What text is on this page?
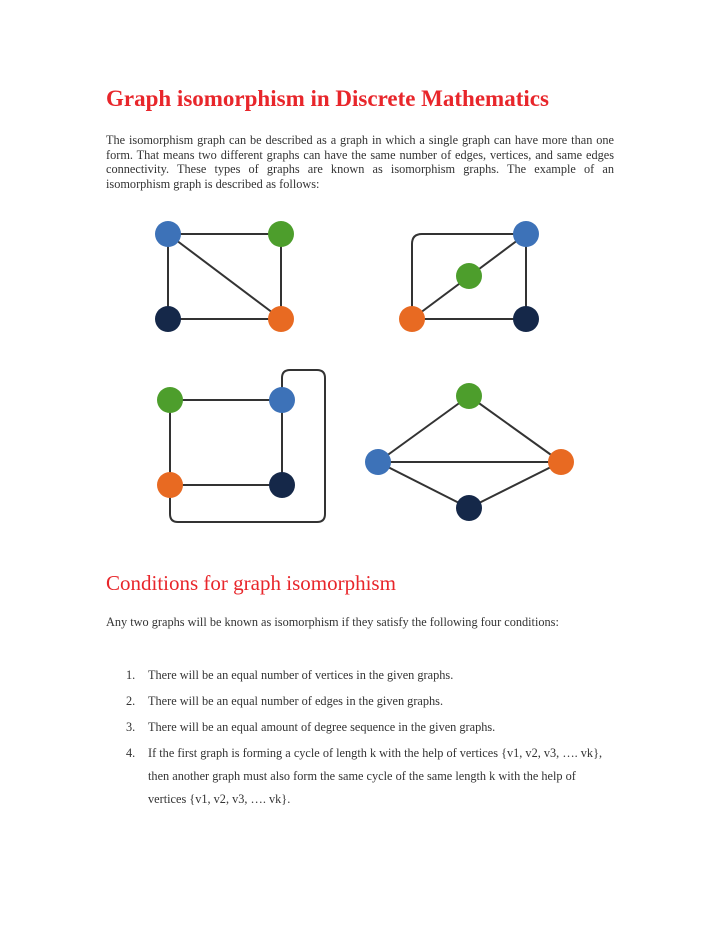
Graph isomorphism in Discrete Mathematics

The isomorphism graph can be described as a graph in which a single graph can have more than one form. That means two different graphs can have the same number of edges, vertices, and same edges connectivity. These types of graphs are known as isomorphism graphs. The example of an isomorphism graph is described as follows:

Conditions for graph isomorphism

Any two graphs will be known as isomorphism if they satisfy the following four conditions:

1. There will be an equal number of vertices in the given graphs.
2. There will be an equal number of edges in the given graphs.
3. There will be an equal amount of degree sequence in the given graphs.
4. If the first graph is forming a cycle of length k with the help of vertices {v1, v2, v3, …. vk}, then another graph must also form the same cycle of the same length k with the help of vertices {v1, v2, v3, …. vk}.
